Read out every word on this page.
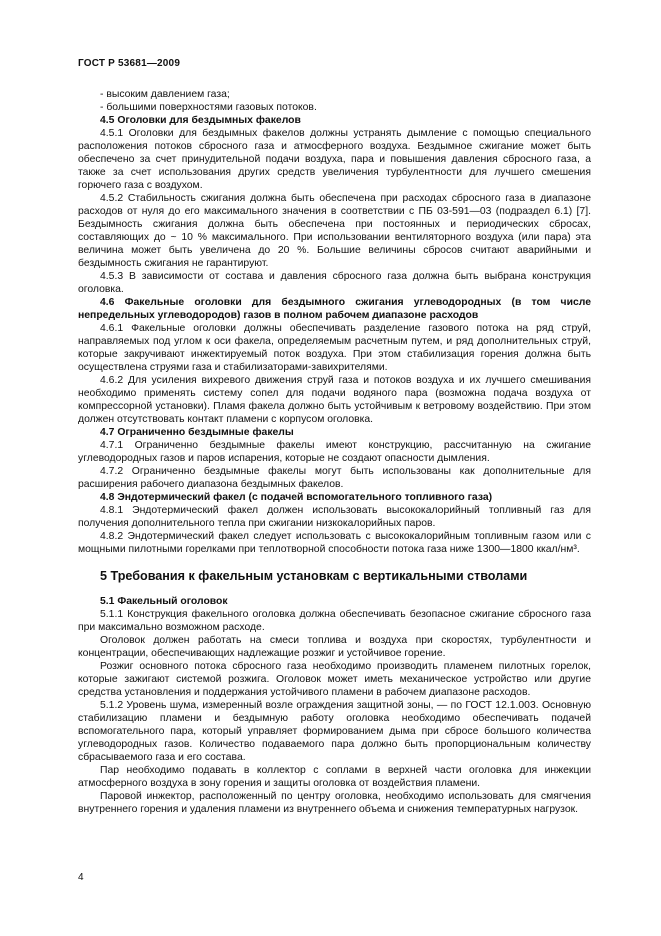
ГОСТ Р 53681—2009
- высоким давлением газа;
- большими поверхностями газовых потоков.
4.5 Оголовки для бездымных факелов
4.5.1 Оголовки для бездымных факелов должны устранять дымление с помощью специального расположения потоков сбросного газа и атмосферного воздуха. Бездымное сжигание может быть обеспечено за счет принудительной подачи воздуха, пара и повышения давления сбросного газа, а также за счет использования других средств увеличения турбулентности для лучшего смешения горючего газа с воздухом.
4.5.2 Стабильность сжигания должна быть обеспечена при расходах сбросного газа в диапазоне расходов от нуля до его максимального значения в соответствии с ПБ 03-591—03 (подраздел 6.1) [7]. Бездымность сжигания должна быть обеспечена при постоянных и периодических сбросах, составляющих до ~ 10 % максимального. При использовании вентиляторного воздуха (или пара) эта величина может быть увеличена до 20 %. Большие величины сбросов считают аварийными и бездымность сжигания не гарантируют.
4.5.3 В зависимости от состава и давления сбросного газа должна быть выбрана конструкция оголовка.
4.6 Факельные оголовки для бездымного сжигания углеводородных (в том числе непредельных углеводородов) газов в полном рабочем диапазоне расходов
4.6.1 Факельные оголовки должны обеспечивать разделение газового потока на ряд струй, направляемых под углом к оси факела, определяемым расчетным путем, и ряд дополнительных струй, которые закручивают инжектируемый поток воздуха. При этом стабилизация горения должна быть осуществлена струями газа и стабилизаторами-завихрителями.
4.6.2 Для усиления вихревого движения струй газа и потоков воздуха и их лучшего смешивания необходимо применять систему сопел для подачи водяного пара (возможна подача воздуха от компрессорной установки). Пламя факела должно быть устойчивым к ветровому воздействию. При этом должен отсутствовать контакт пламени с корпусом оголовка.
4.7 Ограниченно бездымные факелы
4.7.1 Ограниченно бездымные факелы имеют конструкцию, рассчитанную на сжигание углеводородных газов и паров испарения, которые не создают опасности дымления.
4.7.2 Ограниченно бездымные факелы могут быть использованы как дополнительные для расширения рабочего диапазона бездымных факелов.
4.8 Эндотермический факел (с подачей вспомогательного топливного газа)
4.8.1 Эндотермический факел должен использовать высококалорийный топливный газ для получения дополнительного тепла при сжигании низкокалорийных паров.
4.8.2 Эндотермический факел следует использовать с высококалорийным топливным газом или с мощными пилотными горелками при теплотворной способности потока газа ниже 1300—1800 ккал/нм³.
5 Требования к факельным установкам с вертикальными стволами
5.1 Факельный оголовок
5.1.1 Конструкция факельного оголовка должна обеспечивать безопасное сжигание сбросного газа при максимально возможном расходе.
Оголовок должен работать на смеси топлива и воздуха при скоростях, турбулентности и концентрации, обеспечивающих надлежащие розжиг и устойчивое горение.
Розжиг основного потока сбросного газа необходимо производить пламенем пилотных горелок, которые зажигают системой розжига. Оголовок может иметь механическое устройство или другие средства установления и поддержания устойчивого пламени в рабочем диапазоне расходов.
5.1.2 Уровень шума, измеренный возле ограждения защитной зоны, — по ГОСТ 12.1.003. Основную стабилизацию пламени и бездымную работу оголовка необходимо обеспечивать подачей вспомогательного пара, который управляет формированием дыма при сбросе большого количества углеводородных газов. Количество подаваемого пара должно быть пропорциональным количеству сбрасываемого газа и его состава.
Пар необходимо подавать в коллектор с соплами в верхней части оголовка для инжекции атмосферного воздуха в зону горения и защиты оголовка от воздействия пламени.
Паровой инжектор, расположенный по центру оголовка, необходимо использовать для смягчения внутреннего горения и удаления пламени из внутреннего объема и снижения температурных нагрузок.
4
